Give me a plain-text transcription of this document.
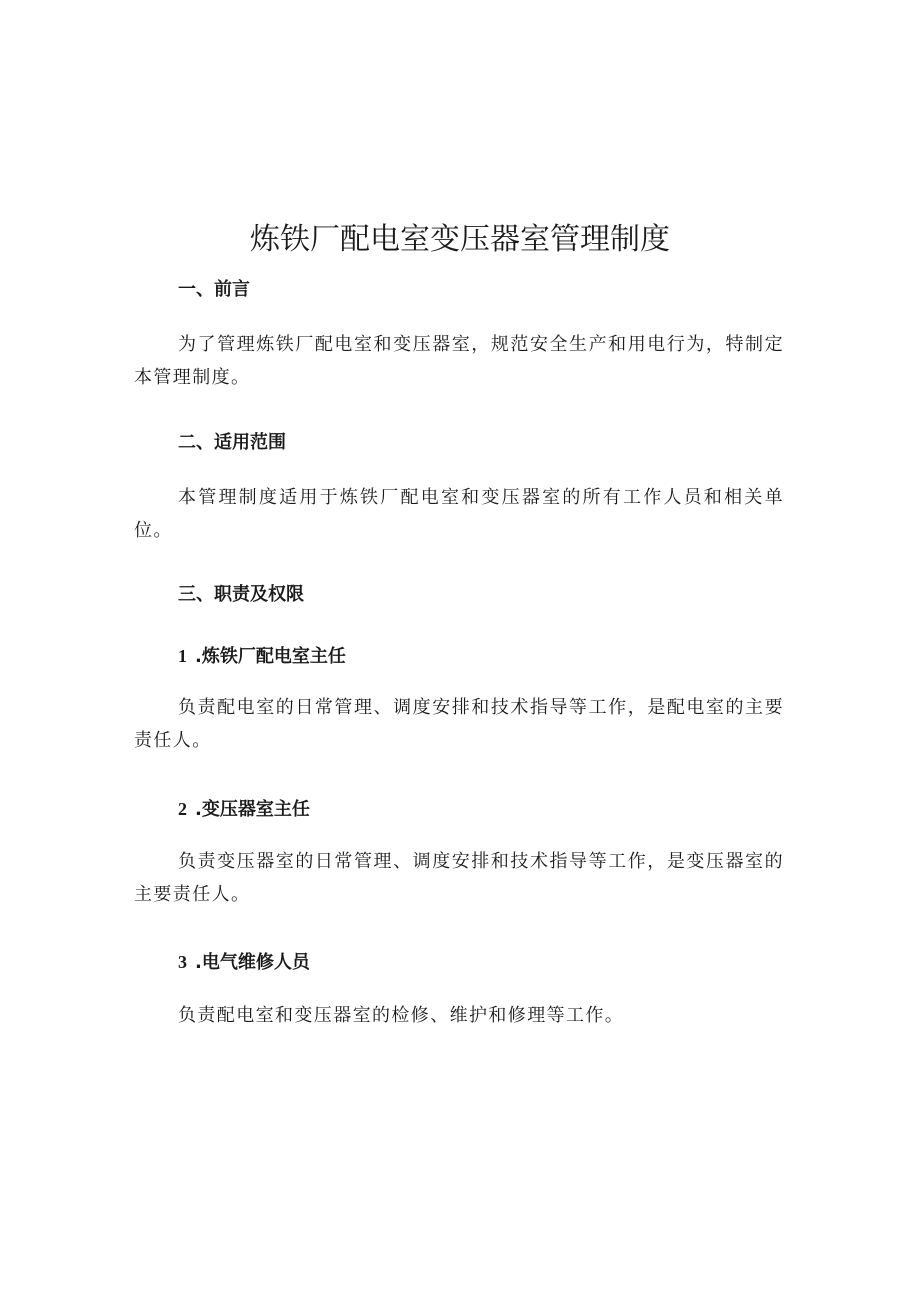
炼铁厂配电室变压器室管理制度
一、前言

为了管理炼铁厂配电室和变压器室，规范安全生产和用电行为，特制定本管理制度。

二、适用范围

本管理制度适用于炼铁厂配电室和变压器室的所有工作人员和相关单位。

三、职责及权限
1 .炼铁厂配电室主任

负责配电室的日常管理、调度安排和技术指导等工作，是配电室的主要责任人。

2 .变压器室主任

负责变压器室的日常管理、调度安排和技术指导等工作，是变压器室的主要责任人。

3 .电气维修人员

负责配电室和变压器室的检修、维护和修理等工作。
